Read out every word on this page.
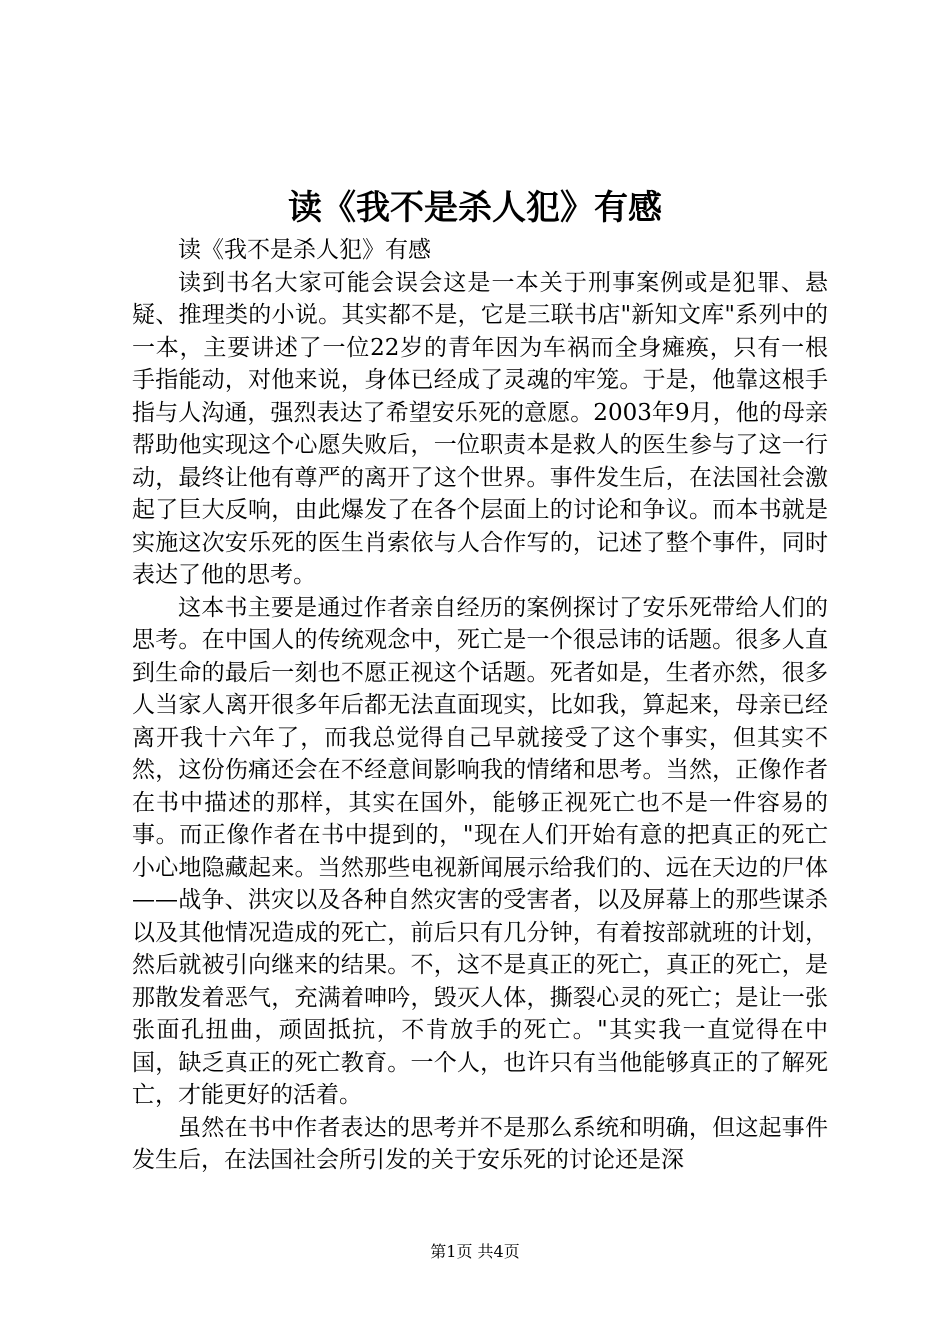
读《我不是杀人犯》有感

读《我不是杀人犯》有感

读到书名大家可能会误会这是一本关于刑事案例或是犯罪、悬疑、推理类的小说。其实都不是，它是三联书店"新知文库"系列中的一本，主要讲述了一位22岁的青年因为车祸而全身瘫痪，只有一根手指能动，对他来说，身体已经成了灵魂的牢笼。于是，他靠这根手指与人沟通，强烈表达了希望安乐死的意愿。2003年9月，他的母亲帮助他实现这个心愿失败后，一位职责本是救人的医生参与了这一行动，最终让他有尊严的离开了这个世界。事件发生后，在法国社会激起了巨大反响，由此爆发了在各个层面上的讨论和争议。而本书就是实施这次安乐死的医生肖索依与人合作写的，记述了整个事件，同时表达了他的思考。

这本书主要是通过作者亲自经历的案例探讨了安乐死带给人们的思考。在中国人的传统观念中，死亡是一个很忌讳的话题。很多人直到生命的最后一刻也不愿正视这个话题。死者如是，生者亦然，很多人当家人离开很多年后都无法直面现实，比如我，算起来，母亲已经离开我十六年了，而我总觉得自己早就接受了这个事实，但其实不然，这份伤痛还会在不经意间影响我的情绪和思考。当然，正像作者在书中描述的那样，其实在国外，能够正视死亡也不是一件容易的事。而正像作者在书中提到的，"现在人们开始有意的把真正的死亡小心地隐藏起来。当然那些电视新闻展示给我们的、远在天边的尸体——战争、洪灾以及各种自然灾害的受害者，以及屏幕上的那些谋杀以及其他情况造成的死亡，前后只有几分钟，有着按部就班的计划，然后就被引向继来的结果。不，这不是真正的死亡，真正的死亡，是那散发着恶气，充满着呻吟，毁灭人体，撕裂心灵的死亡；是让一张张面孔扭曲，顽固抵抗，不肯放手的死亡。"其实我一直觉得在中国，缺乏真正的死亡教育。一个人，也许只有当他能够真正的了解死亡，才能更好的活着。

虽然在书中作者表达的思考并不是那么系统和明确，但这起事件发生后，在法国社会所引发的关于安乐死的讨论还是深

第1页 共4页
